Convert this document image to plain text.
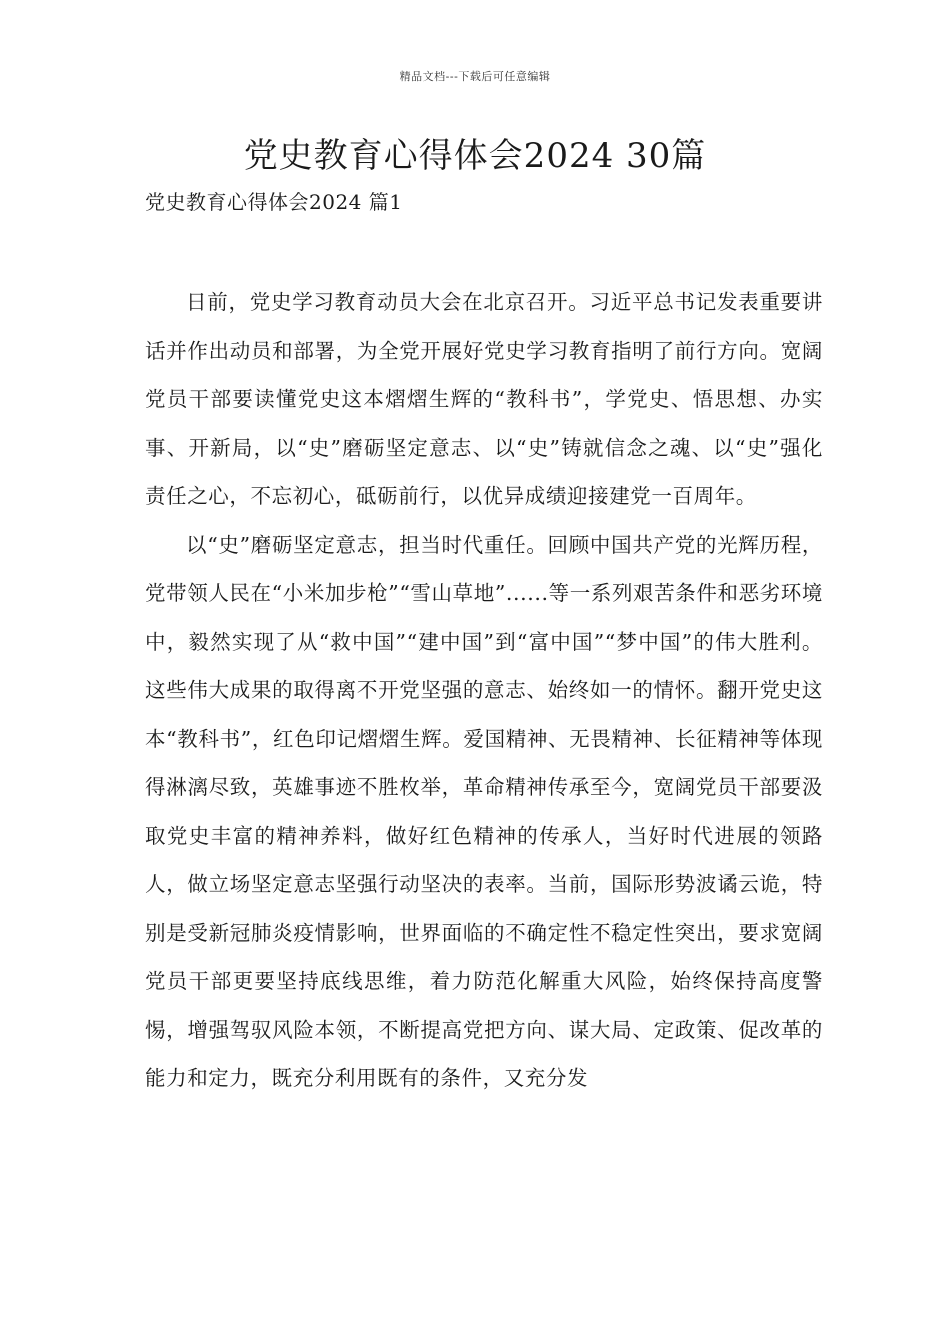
精品文档---下载后可任意编辑
党史教育心得体会2024 30篇
党史教育心得体会2024 篇1

日前，党史学习教育动员大会在北京召开。习近平总书记发表重要讲话并作出动员和部署，为全党开展好党史学习教育指明了前行方向。宽阔党员干部要读懂党史这本熠熠生辉的“教科书”，学党史、悟思想、办实事、开新局，以“史”磨砺坚定意志、以“史”铸就信念之魂、以“史”强化责任之心，不忘初心，砥砺前行，以优异成绩迎接建党一百周年。

以“史”磨砺坚定意志，担当时代重任。回顾中国共产党的光辉历程，党带领人民在“小米加步枪”“雪山草地”......等一系列艰苦条件和恶劣环境中，毅然实现了从“救中国”“建中国”到“富中国”“梦中国”的伟大胜利。这些伟大成果的取得离不开党坚强的意志、始终如一的情怀。翻开党史这本“教科书”，红色印记熠熠生辉。爱国精神、无畏精神、长征精神等体现得淋漓尽致，英雄事迹不胜枚举，革命精神传承至今，宽阔党员干部要汲取党史丰富的精神养料，做好红色精神的传承人，当好时代进展的领路人，做立场坚定意志坚强行动坚决的表率。当前，国际形势波谲云诡，特别是受新冠肺炎疫情影响，世界面临的不确定性不稳定性突出，要求宽阔党员干部更要坚持底线思维，着力防范化解重大风险，始终保持高度警惕，增强驾驭风险本领，不断提高党把方向、谋大局、定政策、促改革的能力和定力，既充分利用既有的条件，又充分发
